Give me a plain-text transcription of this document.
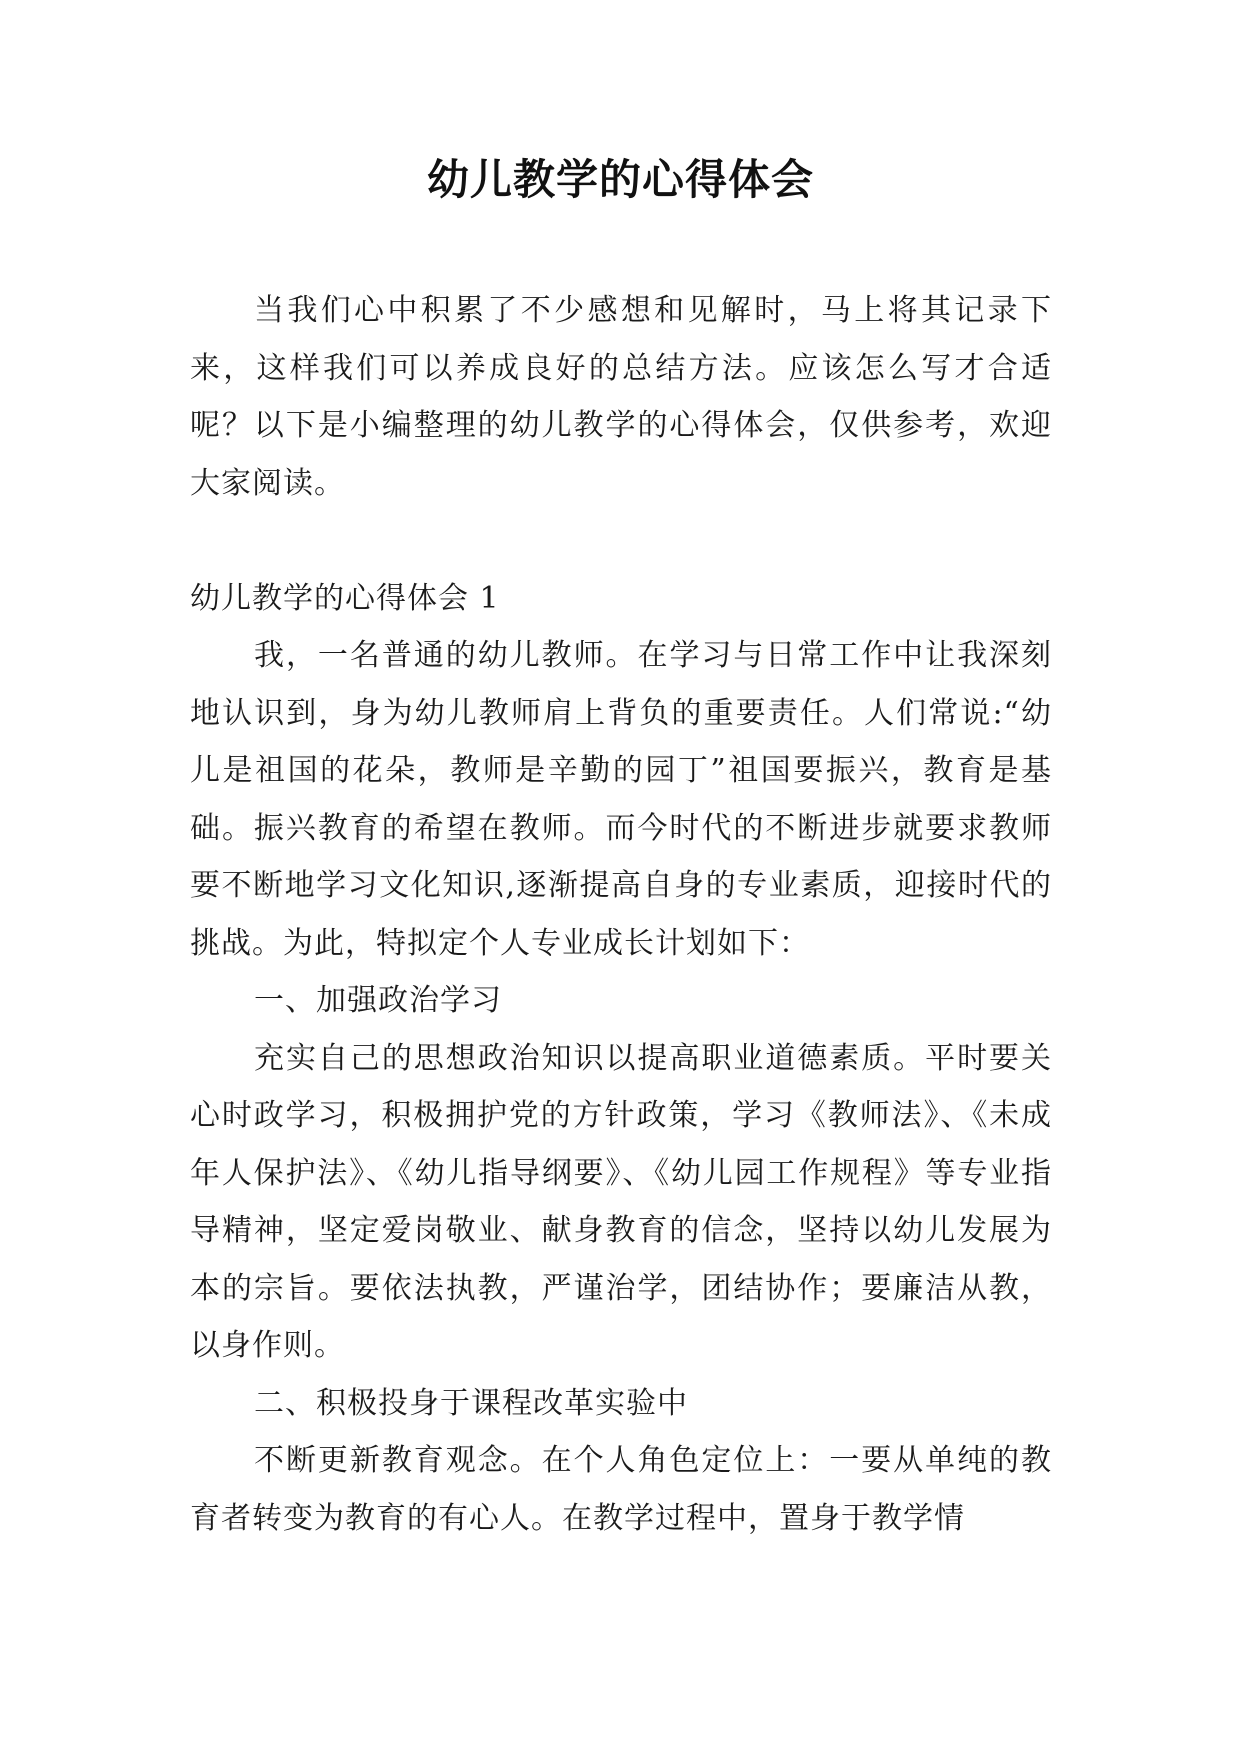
幼儿教学的心得体会

当我们心中积累了不少感想和见解时，马上将其记录下来，这样我们可以养成良好的总结方法。应该怎么写才合适呢？以下是小编整理的幼儿教学的心得体会，仅供参考，欢迎大家阅读。

幼儿教学的心得体会 1

我，一名普通的幼儿教师。在学习与日常工作中让我深刻地认识到，身为幼儿教师肩上背负的重要责任。人们常说:“幼儿是祖国的花朵，教师是辛勤的园丁”祖国要振兴，教育是基础。振兴教育的希望在教师。而今时代的不断进步就要求教师要不断地学习文化知识,逐渐提高自身的专业素质，迎接时代的挑战。为此，特拟定个人专业成长计划如下：

一、加强政治学习

充实自己的思想政治知识以提高职业道德素质。平时要关心时政学习，积极拥护党的方针政策，学习《教师法》、《未成年人保护法》、《幼儿指导纲要》、《幼儿园工作规程》等专业指导精神，坚定爱岗敬业、献身教育的信念，坚持以幼儿发展为本的宗旨。要依法执教，严谨治学，团结协作；要廉洁从教，以身作则。

二、积极投身于课程改革实验中

不断更新教育观念。在个人角色定位上：一要从单纯的教育者转变为教育的有心人。在教学过程中，置身于教学情
